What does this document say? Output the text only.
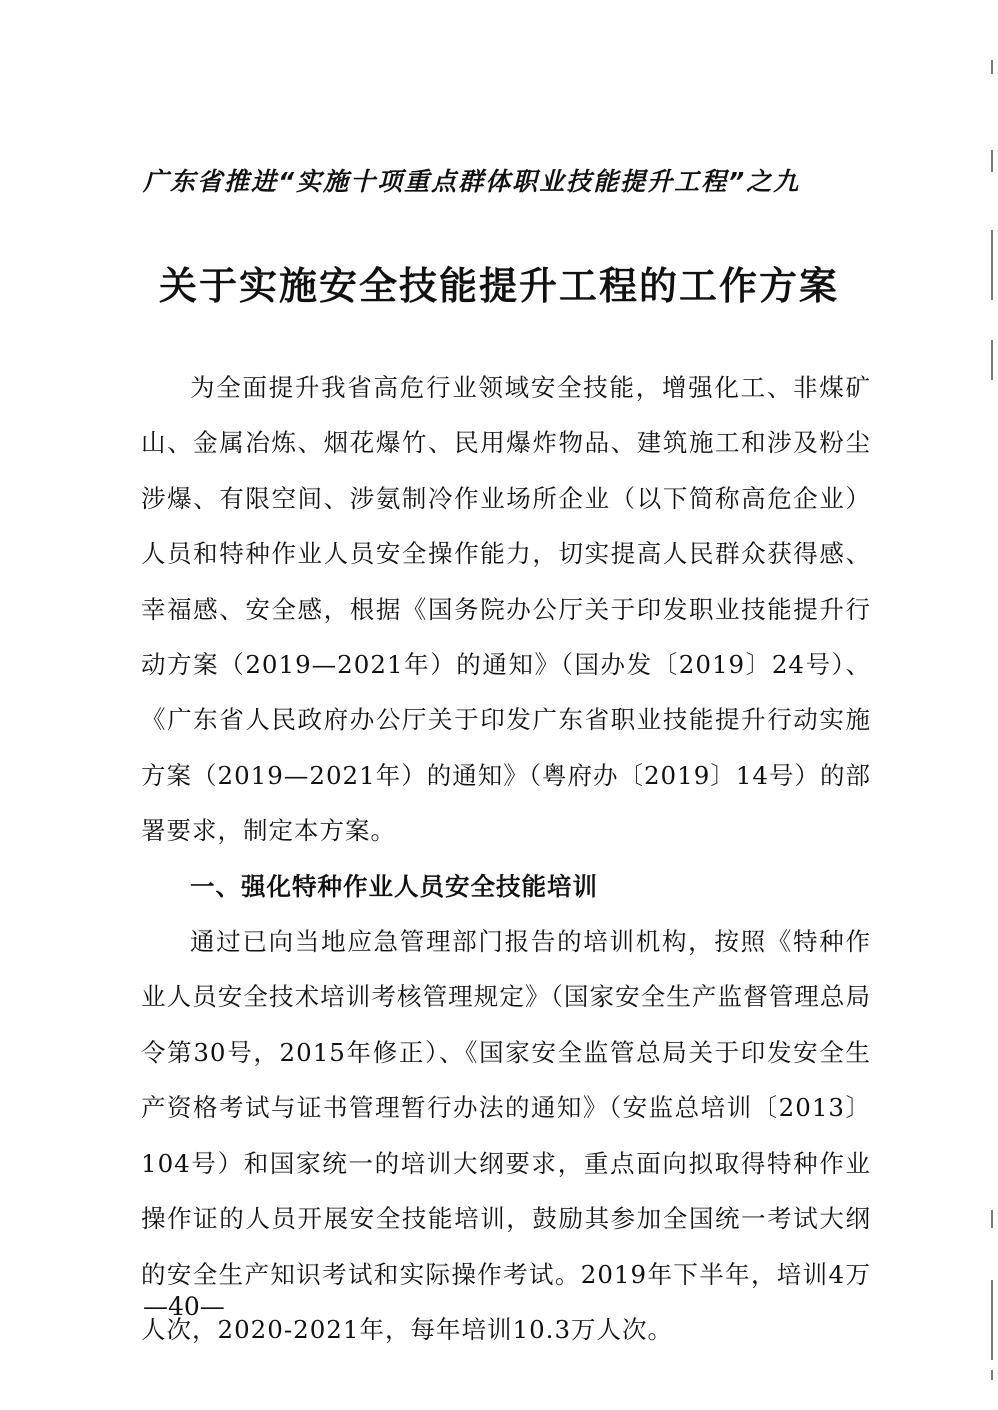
广东省推进“实施十项重点群体职业技能提升工程”之九
关于实施安全技能提升工程的工作方案

为全面提升我省高危行业领域安全技能，增强化工、非煤矿山、金属冶炼、烟花爆竹、民用爆炸物品、建筑施工和涉及粉尘涉爆、有限空间、涉氨制冷作业场所企业（以下简称高危企业）人员和特种作业人员安全操作能力，切实提高人民群众获得感、幸福感、安全感，根据《国务院办公厅关于印发职业技能提升行动方案（2019—2021年）的通知》（国办发〔2019〕24号）、《广东省人民政府办公厅关于印发广东省职业技能提升行动实施方案（2019—2021年）的通知》（粤府办〔2019〕14号）的部署要求，制定本方案。

一、强化特种作业人员安全技能培训

通过已向当地应急管理部门报告的培训机构，按照《特种作业人员安全技术培训考核管理规定》（国家安全生产监督管理总局令第30号，2015年修正）、《国家安全监管总局关于印发安全生产资格考试与证书管理暂行办法的通知》（安监总培训〔2013〕104号）和国家统一的培训大纲要求，重点面向拟取得特种作业操作证的人员开展安全技能培训，鼓励其参加全国统一考试大纲的安全生产知识考试和实际操作考试。2019年下半年，培训4万人次，2020-2021年，每年培训10.3万人次。

—40—
